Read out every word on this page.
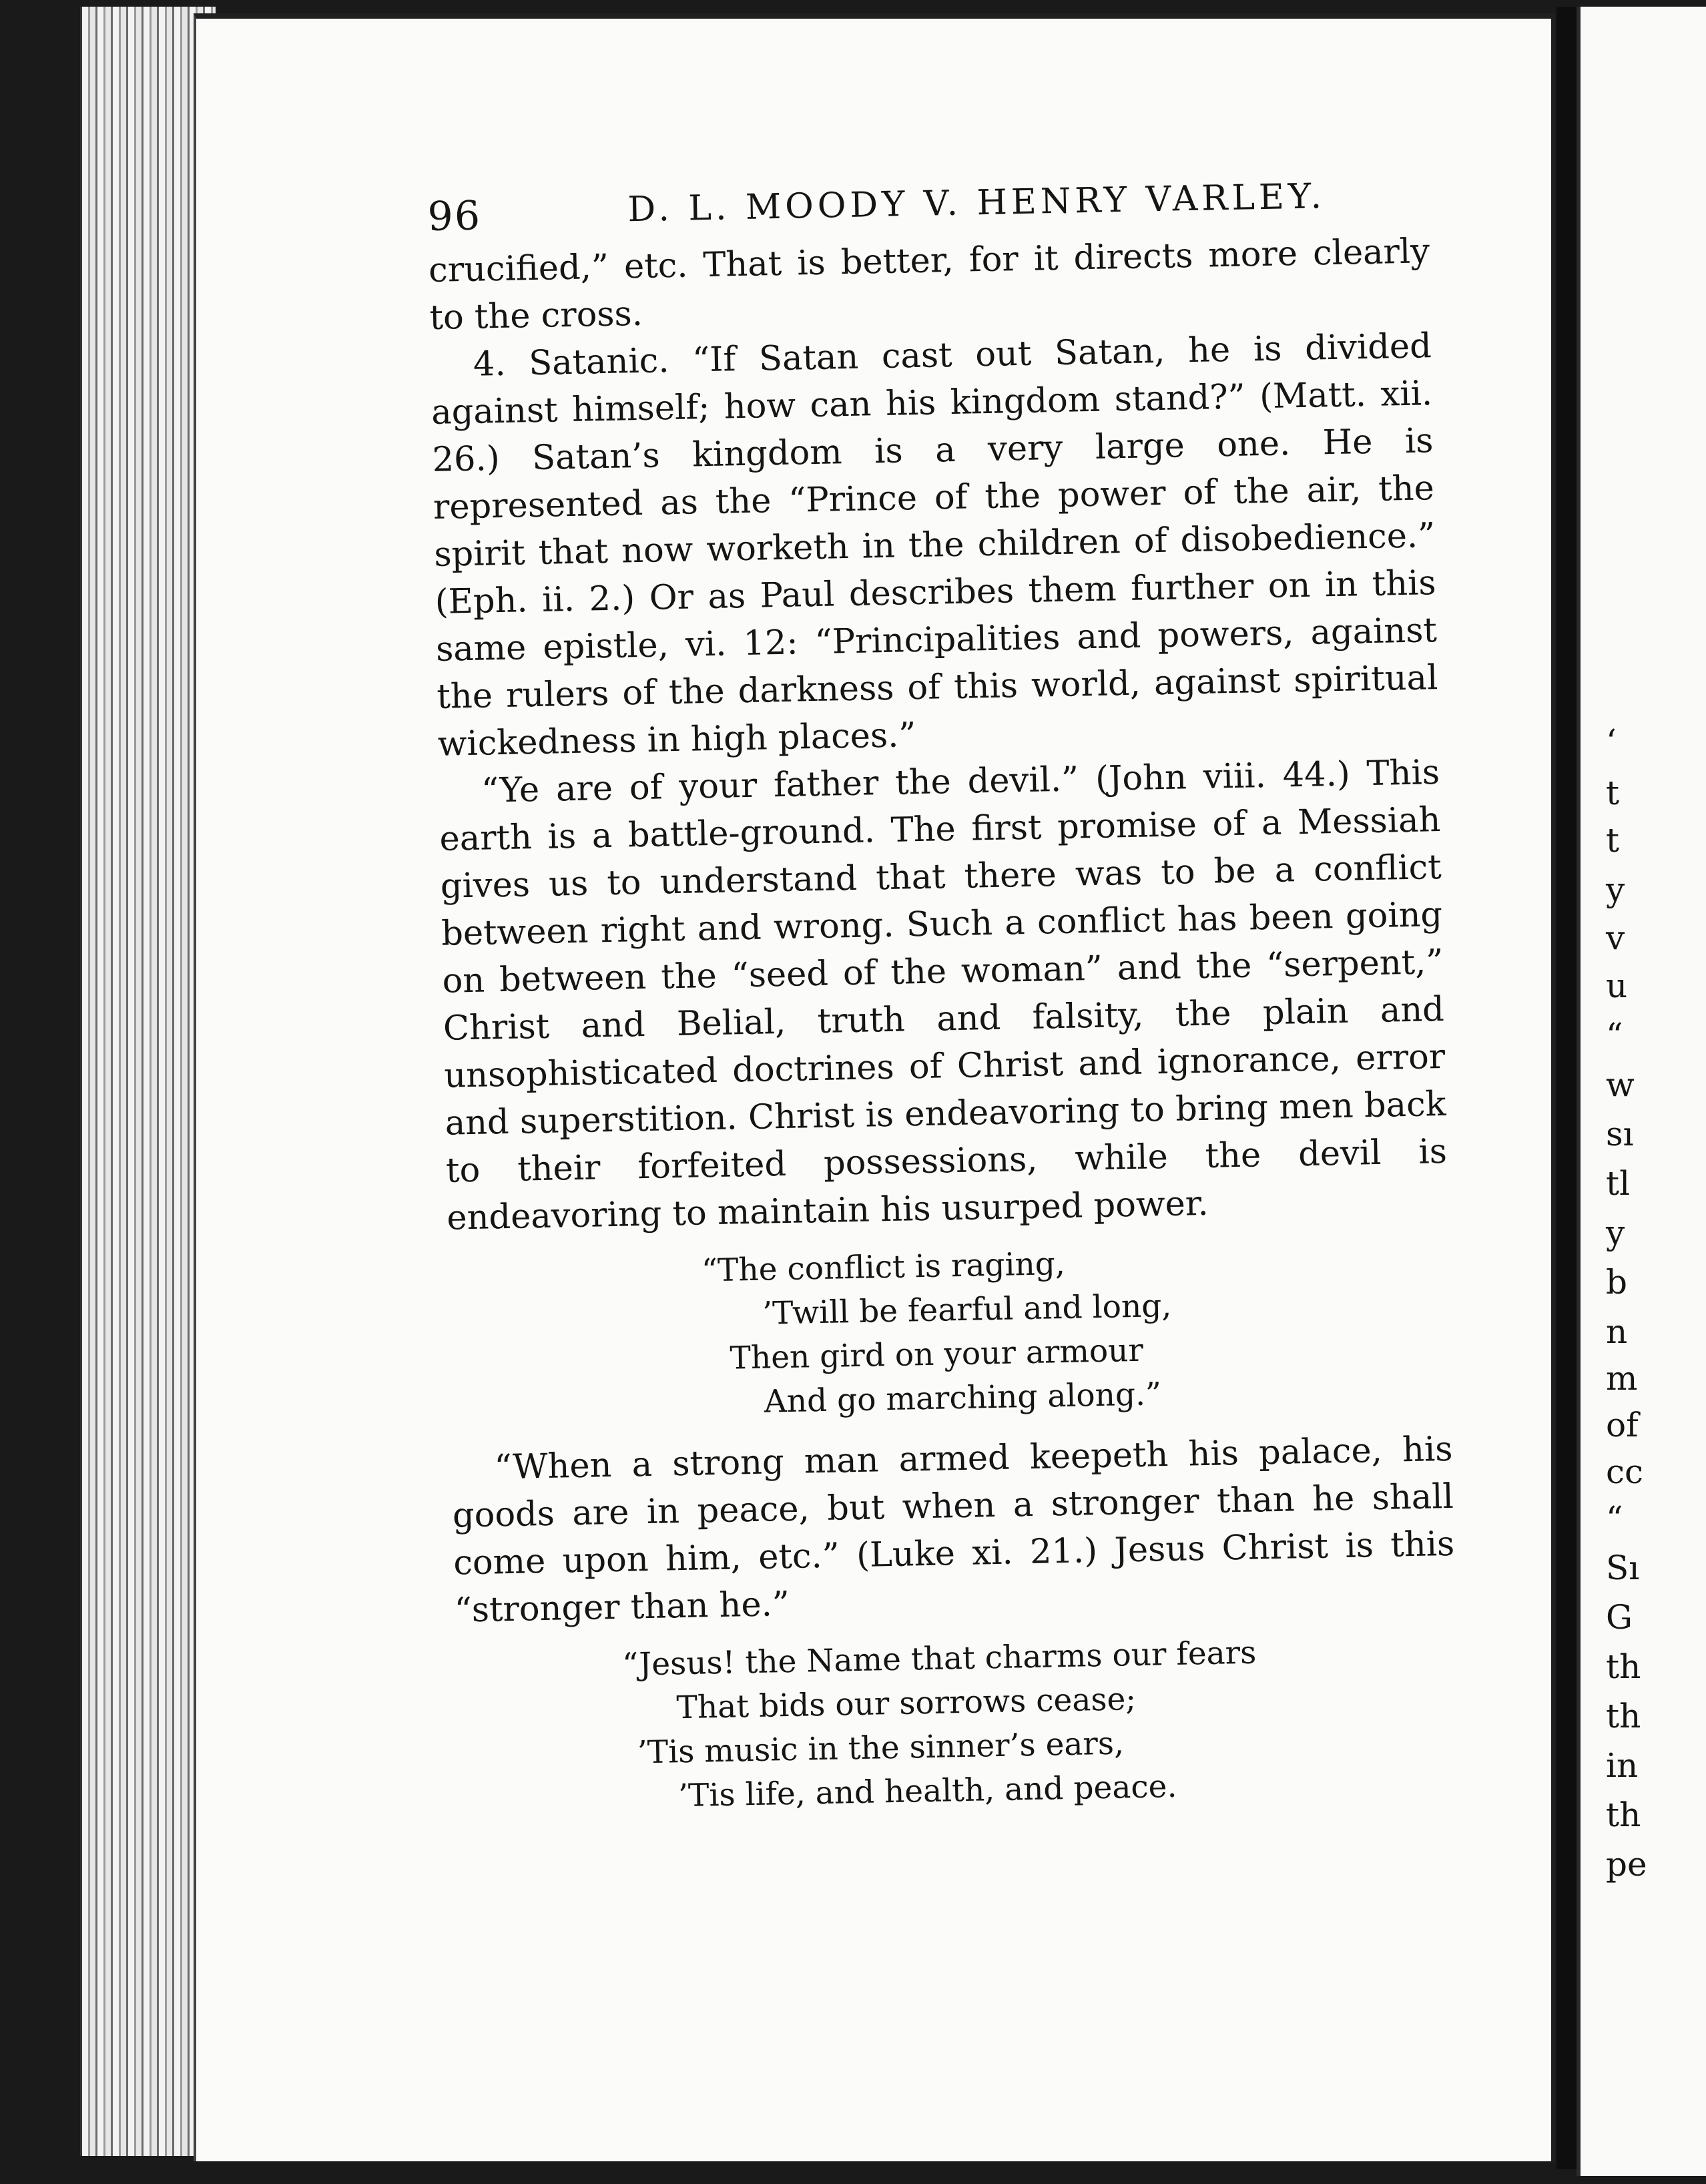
‘
t
t
y
v
u
“
w
sı
tl
y
b
n
m
of
cc
“
Sı
G
th
th
in
th
pe
96	D. L. MOODY V. HENRY VARLEY.

crucified,” etc. That is better, for it directs more clearly to the cross.

4. Satanic. “If Satan cast out Satan, he is divided against himself; how can his kingdom stand?” (Matt. xii. 26.) Satan’s kingdom is a very large one. He is represented as the “Prince of the power of the air, the spirit that now worketh in the children of disobedience.” (Eph. ii. 2.) Or as Paul describes them further on in this same epistle, vi. 12: “Principalities and powers, against the rulers of the darkness of this world, against spiritual wickedness in high places.”

“Ye are of your father the devil.” (John viii. 44.) This earth is a battle-ground. The first promise of a Messiah gives us to understand that there was to be a conflict between right and wrong. Such a conflict has been going on between the “seed of the woman” and the “serpent,” Christ and Belial, truth and falsity, the plain and unsophisticated doctrines of Christ and ignorance, error and superstition. Christ is endeavoring to bring men back to their forfeited possessions, while the devil is endeavoring to maintain his usurped power.

“The conflict is raging,
’Twill be fearful and long,
Then gird on your armour
And go marching along.”

“When a strong man armed keepeth his palace, his goods are in peace, but when a stronger than he shall come upon him, etc.” (Luke xi. 21.) Jesus Christ is this “stronger than he.”

“Jesus! the Name that charms our fears
That bids our sorrows cease;
’Tis music in the sinner’s ears,
’Tis life, and health, and peace.
